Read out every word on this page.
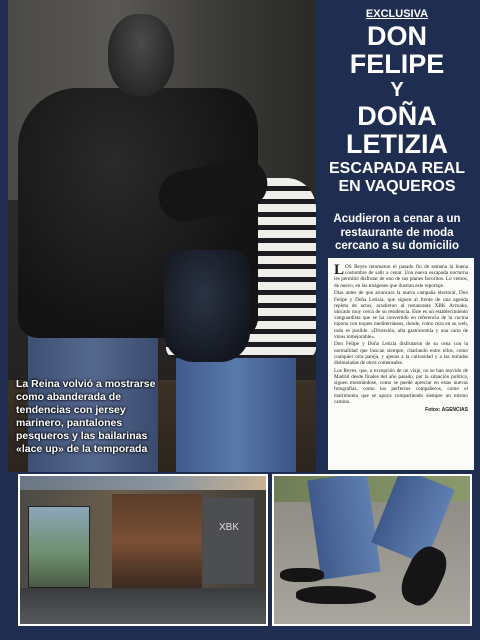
La Reina volvió a mostrarse como abanderada de tendencias con jersey marinero, pantalones pesqueros y las bailarinas «lace up» de la temporada
EXCLUSIVA
DON
FELIPE
Y
DOÑA
LETIZIA
ESCAPADA REAL EN VAQUEROS
Acudieron a cenar a un restaurante de moda cercano a su domicilio

LOS Reyes retomaron el pasado fin de semana la buena costumbre de salir a cenar. Una nueva escapada nocturna les permitió disfrutar de uno de sus planes favoritos. Lo vemos, de nuevo, en las imágenes que ilustran este reportaje.

Días antes de que arrancara la nueva campaña electoral, Don Felipe y Doña Letizia, que siguen al frente de una agenda repleta de actos, acudieron al restaurante XBK Arzuaka, ubicado muy cerca de su residencia. Este es un establecimiento vanguardista que se ha convertido en referencia de la cocina nipona con toques mediterráneos, donde, como reza en su web, todo es posible. «Diversión, alta gastronomía y una carta de vinos inmejorable».

Don Felipe y Doña Letizia disfrutaron de su cena con la normalidad que buscan siempre, charlando entre ellos, como cualquier otra pareja, y ajenos a la curiosidad y a las miradas disimuladas de otros comensales.

Los Reyes, que, a excepción de un viaje, no se han movido de Madrid desde finales del año pasado, por la situación política, siguen mostrándose, como se puede apreciar en estas nuevas fotografías, como los perfectos compañeros, como el matrimonio que se apoya compartiendo siempre un mismo camino.

Fotos: AGENCIAS
XBK
